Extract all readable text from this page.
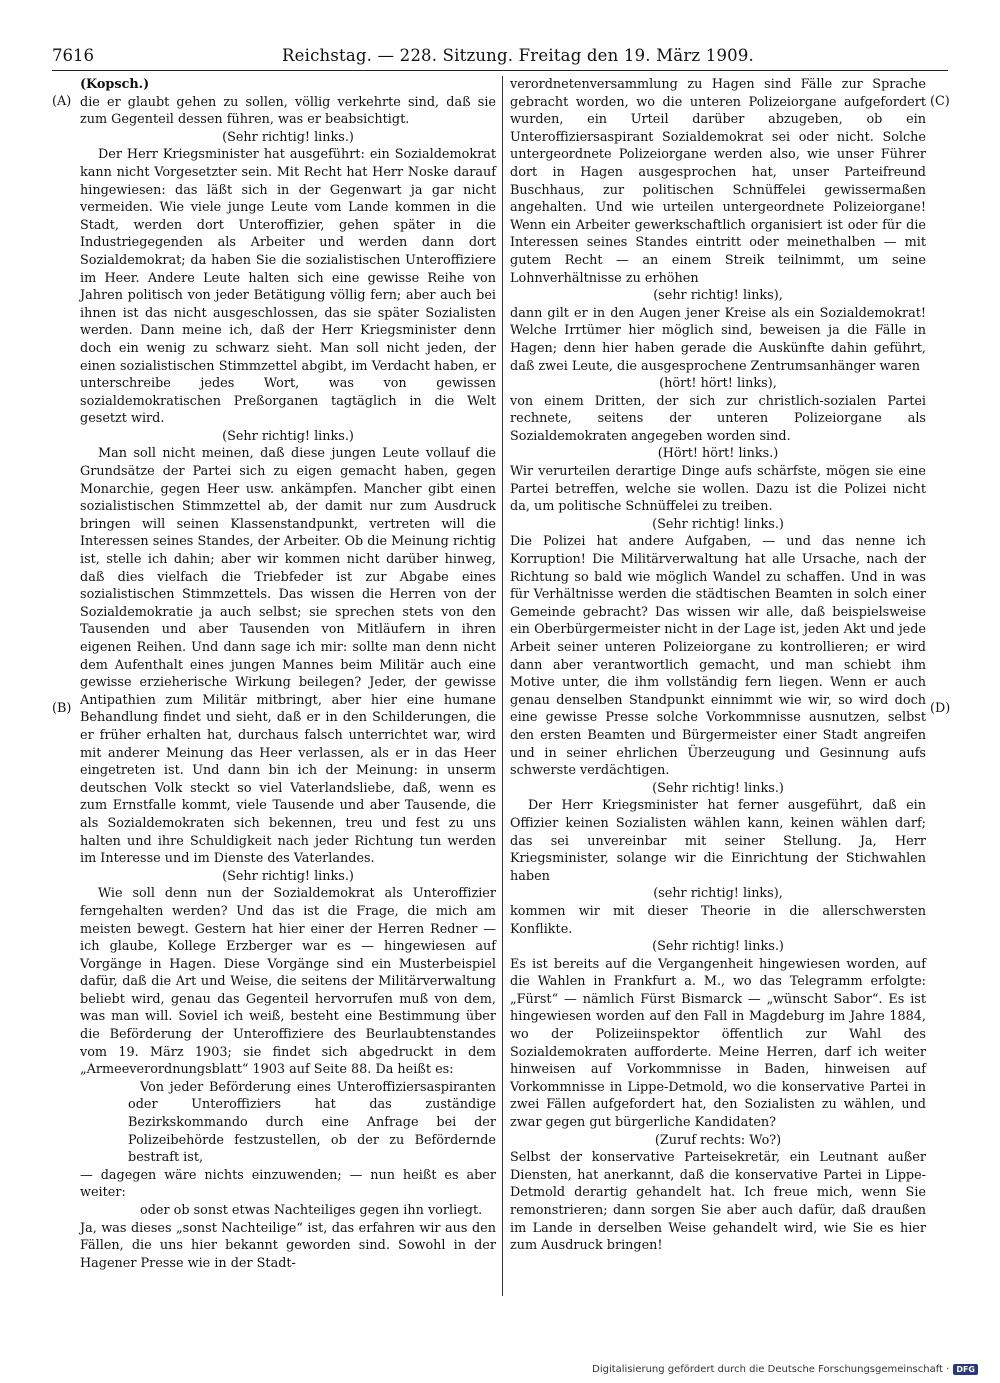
7616	Reichstag. — 228. Sitzung. Freitag den 19. März 1909.
(A)
(B)
(C)
(D)

(Kopsch.)

die er glaubt gehen zu sollen, völlig verkehrte sind, daß sie zum Gegenteil dessen führen, was er beabsichtigt.

(Sehr richtig! links.)

Der Herr Kriegsminister hat ausgeführt: ein Sozialdemokrat kann nicht Vorgesetzter sein. Mit Recht hat Herr Noske darauf hingewiesen: das läßt sich in der Gegenwart ja gar nicht vermeiden. Wie viele junge Leute vom Lande kommen in die Stadt, werden dort Unteroffizier, gehen später in die Industriegegenden als Arbeiter und werden dann dort Sozialdemokrat; da haben Sie die sozialistischen Unteroffiziere im Heer. Andere Leute halten sich eine gewisse Reihe von Jahren politisch von jeder Betätigung völlig fern; aber auch bei ihnen ist das nicht ausgeschlossen, das sie später Sozialisten werden. Dann meine ich, daß der Herr Kriegsminister denn doch ein wenig zu schwarz sieht. Man soll nicht jeden, der einen sozialistischen Stimmzettel abgibt, im Verdacht haben, er unterschreibe jedes Wort, was von gewissen sozialdemokratischen Preßorganen tagtäglich in die Welt gesetzt wird.

(Sehr richtig! links.)

Man soll nicht meinen, daß diese jungen Leute vollauf die Grundsätze der Partei sich zu eigen gemacht haben, gegen Monarchie, gegen Heer usw. ankämpfen. Mancher gibt einen sozialistischen Stimmzettel ab, der damit nur zum Ausdruck bringen will seinen Klassenstandpunkt, vertreten will die Interessen seines Standes, der Arbeiter. Ob die Meinung richtig ist, stelle ich dahin; aber wir kommen nicht darüber hinweg, daß dies vielfach die Triebfeder ist zur Abgabe eines sozialistischen Stimmzettels. Das wissen die Herren von der Sozialdemokratie ja auch selbst; sie sprechen stets von den Tausenden und aber Tausenden von Mitläufern in ihren eigenen Reihen. Und dann sage ich mir: sollte man denn nicht dem Aufenthalt eines jungen Mannes beim Militär auch eine gewisse erzieherische Wirkung beilegen? Jeder, der gewisse Antipathien zum Militär mitbringt, aber hier eine humane Behandlung findet und sieht, daß er in den Schilderungen, die er früher erhalten hat, durchaus falsch unterrichtet war, wird mit anderer Meinung das Heer verlassen, als er in das Heer eingetreten ist. Und dann bin ich der Meinung: in unserm deutschen Volk steckt so viel Vaterlandsliebe, daß, wenn es zum Ernstfalle kommt, viele Tausende und aber Tausende, die als Sozialdemokraten sich bekennen, treu und fest zu uns halten und ihre Schuldigkeit nach jeder Richtung tun werden im Interesse und im Dienste des Vaterlandes.

(Sehr richtig! links.)

Wie soll denn nun der Sozialdemokrat als Unteroffizier ferngehalten werden? Und das ist die Frage, die mich am meisten bewegt. Gestern hat hier einer der Herren Redner — ich glaube, Kollege Erzberger war es — hingewiesen auf Vorgänge in Hagen. Diese Vorgänge sind ein Musterbeispiel dafür, daß die Art und Weise, die seitens der Militärverwaltung beliebt wird, genau das Gegenteil hervorrufen muß von dem, was man will. Soviel ich weiß, besteht eine Bestimmung über die Beförderung der Unteroffiziere des Beurlaubtenstandes vom 19. März 1903; sie findet sich abgedruckt in dem „Armeeverordnungsblatt“ 1903 auf Seite 88. Da heißt es:

Von jeder Beförderung eines Unteroffiziersaspiranten oder Unteroffiziers hat das zuständige Bezirkskommando durch eine Anfrage bei der Polizeibehörde festzustellen, ob der zu Befördernde bestraft ist,

— dagegen wäre nichts einzuwenden; — nun heißt es aber weiter:

oder ob sonst etwas Nachteiliges gegen ihn vorliegt.

Ja, was dieses „sonst Nachteilige“ ist, das erfahren wir aus den Fällen, die uns hier bekannt geworden sind. Sowohl in der Hagener Presse wie in der Stadt-

verordnetenversammlung zu Hagen sind Fälle zur Sprache gebracht worden, wo die unteren Polizeiorgane aufgefordert wurden, ein Urteil darüber abzugeben, ob ein Unteroffiziersaspirant Sozialdemokrat sei oder nicht. Solche untergeordnete Polizeiorgane werden also, wie unser Führer dort in Hagen ausgesprochen hat, unser Parteifreund Buschhaus, zur politischen Schnüffelei gewissermaßen angehalten. Und wie urteilen untergeordnete Polizeiorgane! Wenn ein Arbeiter gewerkschaftlich organisiert ist oder für die Interessen seines Standes eintritt oder meinethalben — mit gutem Recht — an einem Streik teilnimmt, um seine Lohnverhältnisse zu erhöhen

(sehr richtig! links),

dann gilt er in den Augen jener Kreise als ein Sozialdemokrat! Welche Irrtümer hier möglich sind, beweisen ja die Fälle in Hagen; denn hier haben gerade die Auskünfte dahin geführt, daß zwei Leute, die ausgesprochene Zentrumsanhänger waren

(hört! hört! links),

von einem Dritten, der sich zur christlich-sozialen Partei rechnete, seitens der unteren Polizeiorgane als Sozialdemokraten angegeben worden sind.

(Hört! hört! links.)

Wir verurteilen derartige Dinge aufs schärfste, mögen sie eine Partei betreffen, welche sie wollen. Dazu ist die Polizei nicht da, um politische Schnüffelei zu treiben.

(Sehr richtig! links.)

Die Polizei hat andere Aufgaben, — und das nenne ich Korruption! Die Militärverwaltung hat alle Ursache, nach der Richtung so bald wie möglich Wandel zu schaffen. Und in was für Verhältnisse werden die städtischen Beamten in solch einer Gemeinde gebracht? Das wissen wir alle, daß beispielsweise ein Oberbürgermeister nicht in der Lage ist, jeden Akt und jede Arbeit seiner unteren Polizeiorgane zu kontrollieren; er wird dann aber verantwortlich gemacht, und man schiebt ihm Motive unter, die ihm vollständig fern liegen. Wenn er auch genau denselben Standpunkt einnimmt wie wir, so wird doch eine gewisse Presse solche Vorkommnisse ausnutzen, selbst den ersten Beamten und Bürgermeister einer Stadt angreifen und in seiner ehrlichen Überzeugung und Gesinnung aufs schwerste verdächtigen.

(Sehr richtig! links.)

Der Herr Kriegsminister hat ferner ausgeführt, daß ein Offizier keinen Sozialisten wählen kann, keinen wählen darf; das sei unvereinbar mit seiner Stellung. Ja, Herr Kriegsminister, solange wir die Einrichtung der Stichwahlen haben

(sehr richtig! links),

kommen wir mit dieser Theorie in die allerschwersten Konflikte.

(Sehr richtig! links.)

Es ist bereits auf die Vergangenheit hingewiesen worden, auf die Wahlen in Frankfurt a. M., wo das Telegramm erfolgte: „Fürst“ — nämlich Fürst Bismarck — „wünscht Sabor“. Es ist hingewiesen worden auf den Fall in Magdeburg im Jahre 1884, wo der Polizeiinspektor öffentlich zur Wahl des Sozialdemokraten aufforderte. Meine Herren, darf ich weiter hinweisen auf Vorkommnisse in Baden, hinweisen auf Vorkommnisse in Lippe-Detmold, wo die konservative Partei in zwei Fällen aufgefordert hat, den Sozialisten zu wählen, und zwar gegen gut bürgerliche Kandidaten?

(Zuruf rechts: Wo?)

Selbst der konservative Parteisekretär, ein Leutnant außer Diensten, hat anerkannt, daß die konservative Partei in Lippe-Detmold derartig gehandelt hat. Ich freue mich, wenn Sie remonstrieren; dann sorgen Sie aber auch dafür, daß draußen im Lande in derselben Weise gehandelt wird, wie Sie es hier zum Ausdruck bringen!

Digitalisierung gefördert durch die Deutsche Forschungsgemeinschaft · DFG
